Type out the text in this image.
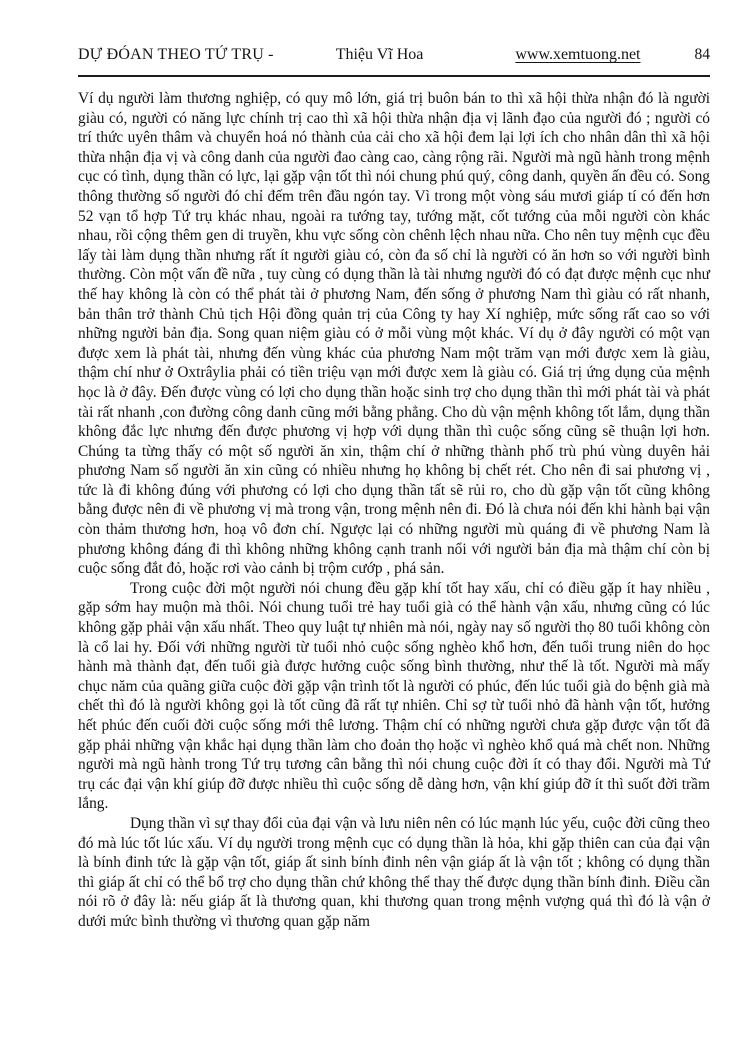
DỰ ĐÓAN THEO TỨ TRỤ -	Thiệu Vĩ Hoa	www.xemtuong.net	84

Ví dụ người làm thương nghiệp, có quy mô lớn, giá trị buôn bán to thì xã hội thừa nhận đó là người giàu có, người có năng lực chính trị cao thì xã hội thừa nhận địa vị lãnh đạo của người đó ; người có trí thức uyên thâm và chuyển hoá nó thành của cải cho xã hội đem lại lợi ích cho nhân dân thì xã hội thừa nhận địa vị và công danh của người đao càng cao, càng rộng rãi. Người mà ngũ hành trong mệnh cục có tình, dụng thần có lực, lại gặp vận tốt thì nói chung phú quý, công danh, quyền ấn đều có. Song thông thường số người đó chỉ đếm trên đầu ngón tay. Vì trong một vòng sáu mươi giáp tí có đến hơn 52 vạn tổ hợp Tứ trụ khác nhau, ngoài ra tướng tay, tướng mặt, cốt tướng của mỗi người còn khác nhau, rồi cộng thêm gen di truyền, khu vực sống còn chênh lệch nhau nữa. Cho nên tuy mệnh cục đều lấy tài làm dụng thần nhưng rất ít người giàu có, còn đa số chỉ là người có ăn hơn so với người bình thường. Còn một vấn đề nữa , tuy cùng có dụng thần là tài nhưng người đó có đạt được mệnh cục như thế hay không là còn có thể phát tài ở phương Nam, đến sống ở phương Nam thì giàu có rất nhanh, bản thân trở thành Chủ tịch Hội đồng quản trị của Công ty hay Xí nghiệp, mức sống rất cao so với những người bản địa. Song quan niệm giàu có ở mỗi vùng một khác. Ví dụ ở đây người có một vạn được xem là phát tài, nhưng đến vùng khác của phương Nam một trăm vạn mới được xem là giàu, thậm chí như ở Oxtrâylia phải có tiền triệu vạn mới được xem là giàu có. Giá trị ứng dụng của mệnh học là ở đây. Đến được vùng có lợi cho dụng thần hoặc sinh trợ cho dụng thần thì mới phát tài và phát tài rất nhanh ,con đường công danh cũng mới bằng phẳng. Cho dù vận mệnh không tốt lắm, dụng thần không đắc lực nhưng đến được phương vị hợp với dụng thần thì cuộc sống cũng sẽ thuận lợi hơn. Chúng ta từng thấy có một số người ăn xin, thậm chí ở những thành phố trù phú vùng duyên hải phương Nam số người ăn xin cũng có nhiều nhưng họ không bị chết rét. Cho nên đi sai phương vị , tức là đi không đúng với phương có lợi cho dụng thần tất sẽ rủi ro, cho dù gặp vận tốt cũng không bằng được nên đi về phương vị mà trong vận, trong mệnh nên đi. Đó là chưa nói đến khi hành bại vận còn thảm thương hơn, hoạ vô đơn chí. Ngược lại có những người mù quáng đi về phương Nam là phương không đáng đi thì không những không cạnh tranh nổi với người bản địa mà thậm chí còn bị cuộc sống đắt đỏ, hoặc rơi vào cảnh bị trộm cướp , phá sản.

Trong cuộc đời một người nói chung đều gặp khí tốt hay xấu, chỉ có điều gặp ít hay nhiều , gặp sớm hay muộn mà thôi. Nói chung tuổi trẻ hay tuổi già có thể hành vận xấu, nhưng cũng có lúc không gặp phải vận xấu nhất. Theo quy luật tự nhiên mà nói, ngày nay số người thọ 80 tuổi không còn là cổ lai hy. Đối với những người từ tuổi nhỏ cuộc sống nghèo khổ hơn, đến tuổi trung niên do học hành mà thành đạt, đến tuổi già được hưởng cuộc sống bình thường, như thế là tốt. Người mà mấy chục năm của quãng giữa cuộc đời gặp vận trình tốt là người có phúc, đến lúc tuổi già do bệnh già mà chết thì đó là người không gọi là tốt cũng đã rất tự nhiên. Chỉ sợ từ tuổi nhỏ đã hành vận tốt, hưởng hết phúc đến cuối đời cuộc sống mới thê lương. Thậm chí có những người chưa gặp được vận tốt đã gặp phải những vận khắc hại dụng thần làm cho đoản thọ hoặc vì nghèo khổ quá mà chết non. Những người mà ngũ hành trong Tứ trụ tương cân bằng thì nói chung cuộc đời ít có thay đổi. Người mà Tứ trụ các đại vận khí giúp đỡ được nhiều thì cuộc sống dễ dàng hơn, vận khí giúp đỡ ít thì suốt đời trầm lắng.

Dụng thần vì sự thay đổi của đại vận và lưu niên nên có lúc mạnh lúc yếu, cuộc đời cũng theo đó mà lúc tốt lúc xấu. Ví dụ người trong mệnh cục có dụng thần là hỏa, khi gặp thiên can của đại vận là bính đinh tức là gặp vận tốt, giáp ất sinh bính đinh nên vận giáp ất là vận tốt ; không có dụng thần thì giáp ất chỉ có thể bổ trợ cho dụng thần chứ không thể thay thế được dụng thần bính đinh. Điều cần nói rõ ở đây là: nếu giáp ất là thương quan, khi thương quan trong mệnh vượng quá thì đó là vận ở dưới mức bình thường vì thương quan gặp năm
